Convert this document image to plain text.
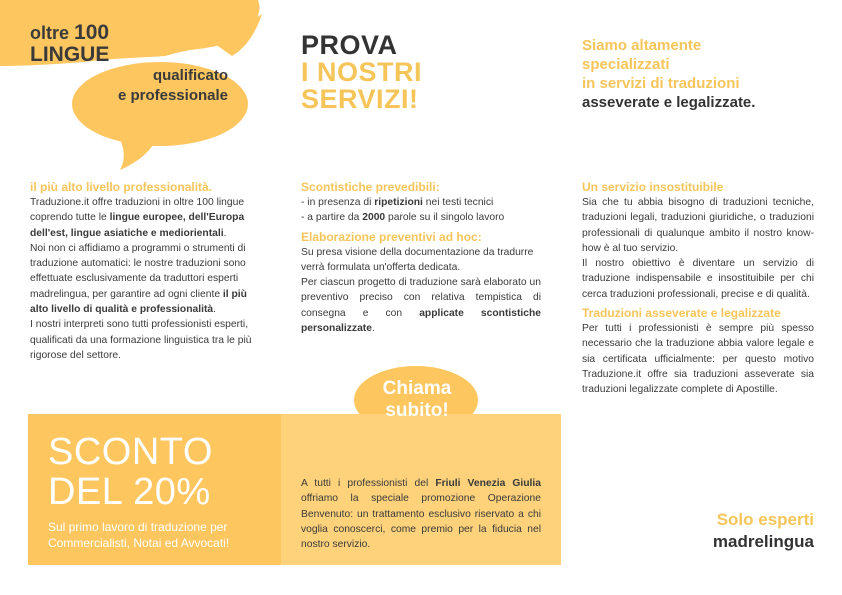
oltre 100
LINGUE
qualificato
e professionale
PROVA
I NOSTRI
SERVIZI!
Siamo altamente
specializzati
in servizi di traduzioni
asseverate e legalizzate.

il più alto livello professionalità.

Traduzione.it offre traduzioni in oltre 100 lingue coprendo tutte le lingue europee, dell'Europa dell'est, lingue asiatiche e mediorientali.

Noi non ci affidiamo a programmi o strumenti di traduzione automatici: le nostre traduzioni sono effettuate esclusivamente da traduttori esperti madrelingua, per garantire ad ogni cliente il più alto livello di qualità e professionalità.

I nostri interpreti sono tutti professionisti esperti, qualificati da una formazione linguistica tra le più rigorose del settore.

Scontistiche prevedibili:

- in presenza di ripetizioni nei testi tecnici

- a partire da 2000 parole su il singolo lavoro

Elaborazione preventivi ad hoc:

Su presa visione della documentazione da tradurre verrà formulata un'offerta dedicata.

Per ciascun progetto di traduzione sarà elaborato un preventivo preciso con relativa tempistica di consegna e con applicate scontistiche personalizzate.

Un servizio insostituibile

Sia che tu abbia bisogno di traduzioni tecniche, traduzioni legali, traduzioni giuridiche, o traduzioni professionali di qualunque ambito il nostro know-how è al tuo servizio.

Il nostro obiettivo è diventare un servizio di traduzione indispensabile e insostituibile per chi cerca traduzioni professionali, precise e di qualità.

Traduzioni asseverate e legalizzate

Per tutti i professionisti è sempre più spesso necessario che la traduzione abbia valore legale e sia certificata ufficialmente: per questo motivo Traduzione.it offre sia traduzioni asseverate sia traduzioni legalizzate complete di Apostille.

Chiama
subito!
SCONTO
DEL 20%
Sul primo lavoro di traduzione per Commercialisti, Notai ed Avvocati!
A tutti i professionisti del Friuli Venezia Giulia offriamo la speciale promozione Operazione Benvenuto: un trattamento esclusivo riservato a chi voglia conoscerci, come premio per la fiducia nel nostro servizio.
Solo esperti
madrelingua
